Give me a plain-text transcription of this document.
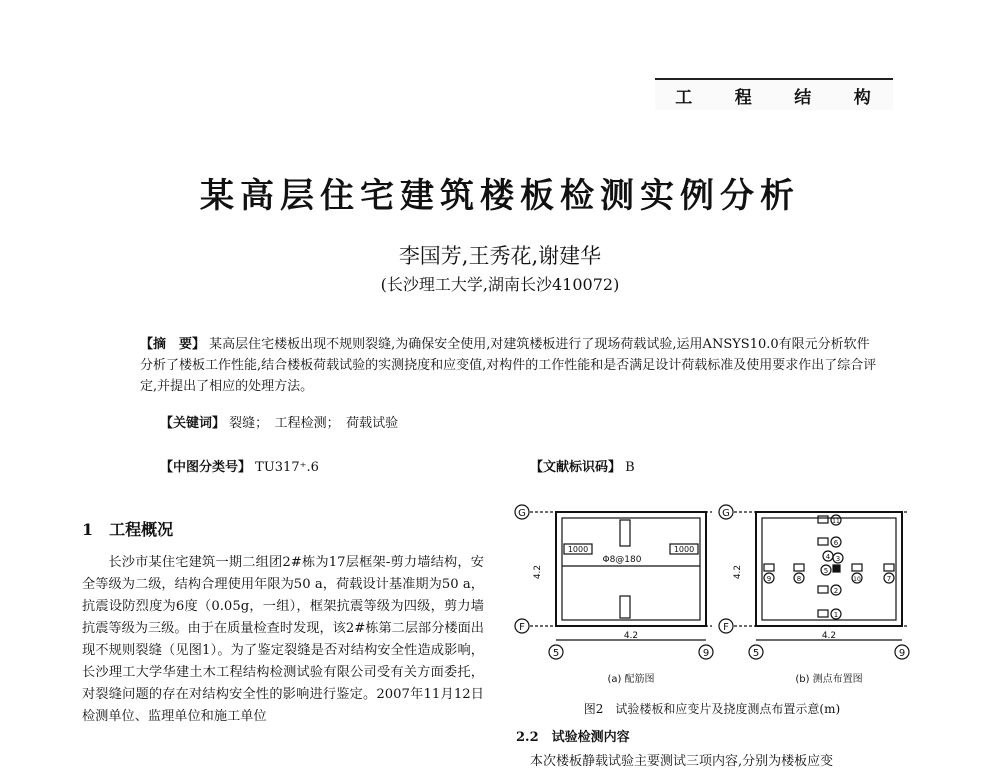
工 程 结 构
某高层住宅建筑楼板检测实例分析
李国芳,王秀花,谢建华
(长沙理工大学,湖南长沙410072)
【摘　要】 某高层住宅楼板出现不规则裂缝,为确保安全使用,对建筑楼板进行了现场荷载试验,运用ANSYS10.0有限元分析软件分析了楼板工作性能,结合楼板荷载试验的实测挠度和应变值,对构件的工作性能和是否满足设计荷载标准及使用要求作出了综合评定,并提出了相应的处理方法。
【关键词】 裂缝；　工程检测；　荷载试验
【中图分类号】 TU317⁺.6	【文献标识码】 B
1　工程概况

长沙市某住宅建筑一期二组团2#栋为17层框架-剪力墙结构，安全等级为二级，结构合理使用年限为50 a，荷载设计基准期为50 a，抗震设防烈度为6度（0.05g，一组），框架抗震等级为四级，剪力墙抗震等级为三级。由于在质量检查时发现，该2#栋第二层部分楼面出现不规则裂缝（见图1）。为了鉴定裂缝是否对结构安全性造成影响，长沙理工大学华建土木工程结构检测试验有限公司受有关方面委托，对裂缝问题的存在对结构安全性的影响进行鉴定。2007年11月12日检测单位、监理单位和施工单位

G
F
1000	1000
Φ8@180
4.2
4.2
5	9
(a) 配筋图
G
F
4.2
4.2
5	9
1
2
3
4
5
6
7
8
9	10
11
(b) 测点布置图
图2　试验楼板和应变片及挠度测点布置示意(m)
2.2　试验检测内容
本次楼板静载试验主要测试三项内容,分别为楼板应变
